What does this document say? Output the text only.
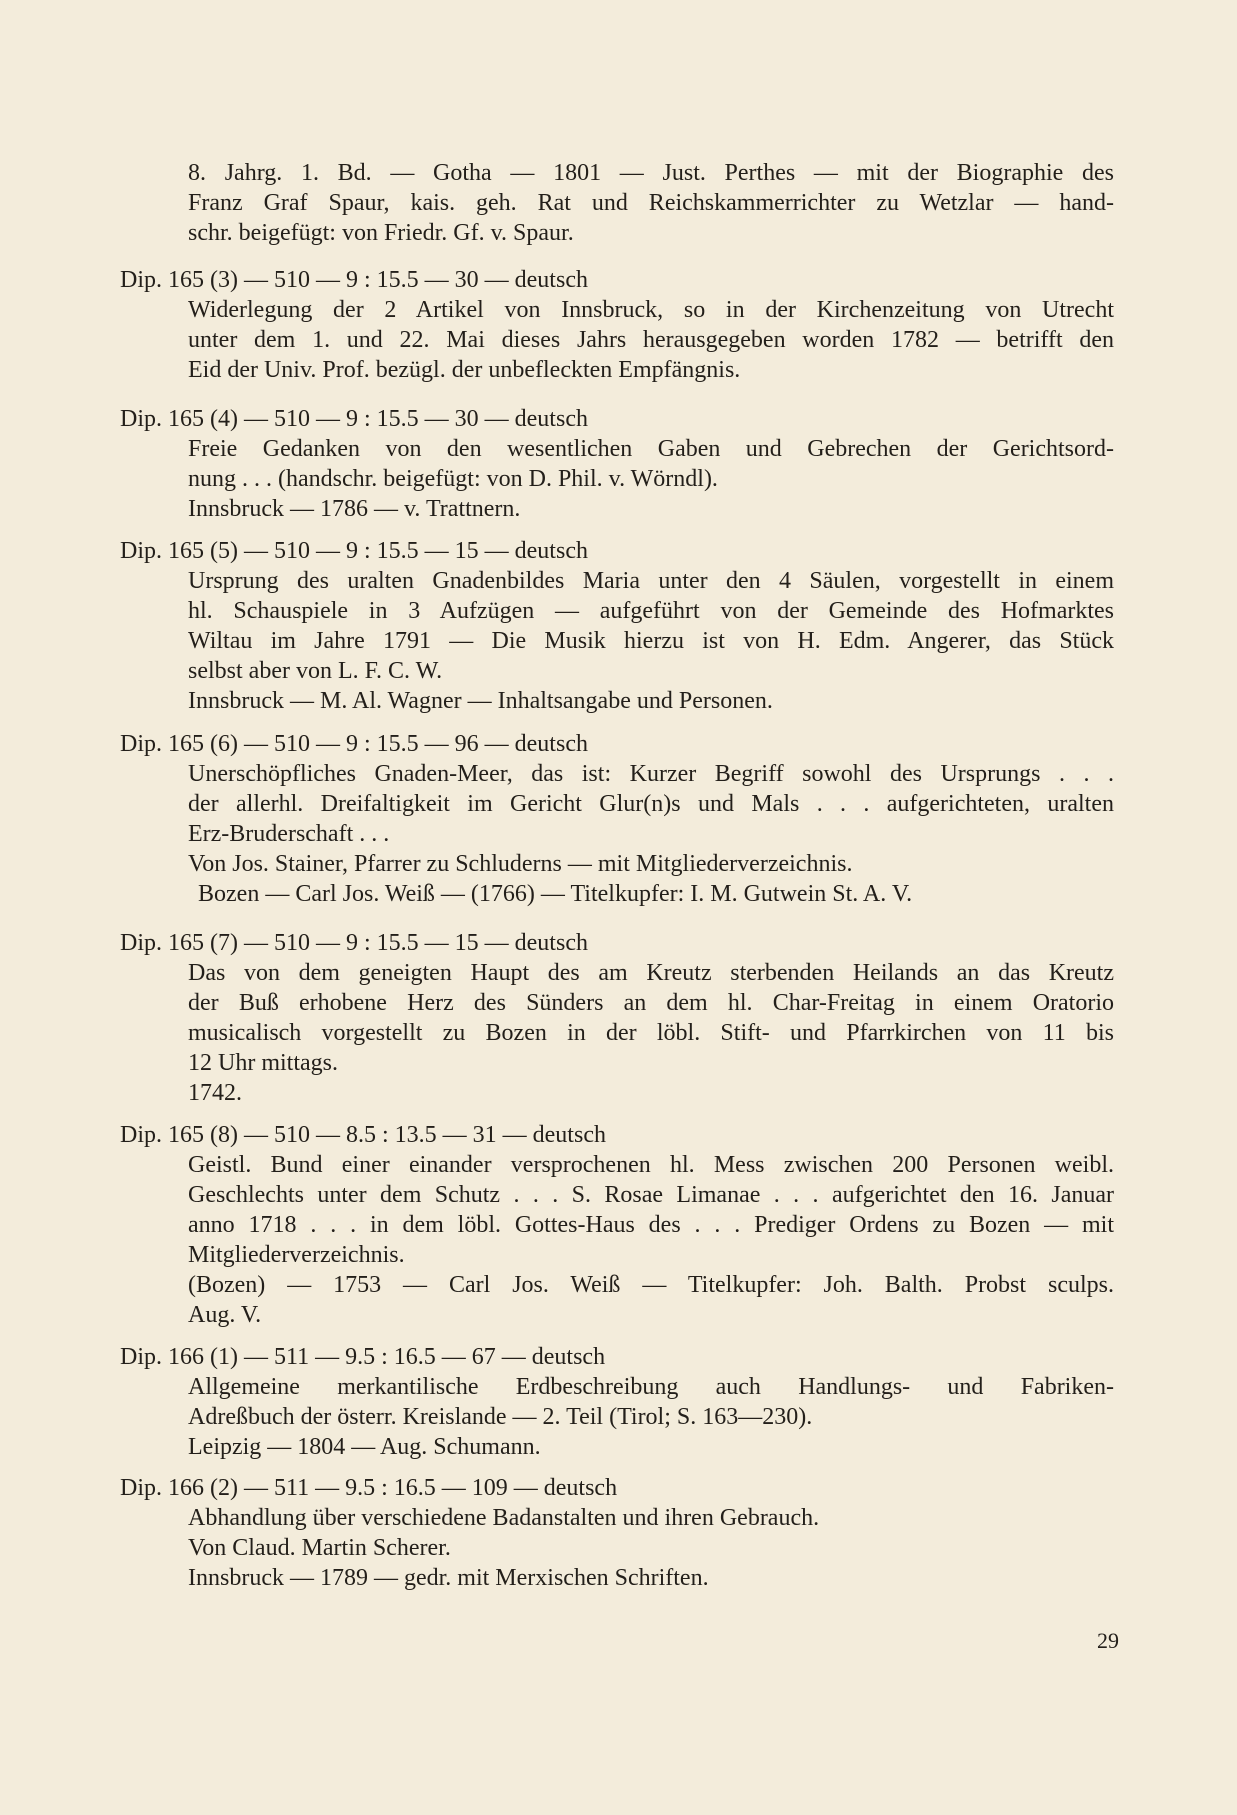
8. Jahrg. 1. Bd. — Gotha — 1801 — Just. Perthes — mit der Biographie des
Franz Graf Spaur, kais. geh. Rat und Reichskammerrichter zu Wetzlar — hand-
schr. beigefügt: von Friedr. Gf. v. Spaur.
Dip. 165 (3) — 510 — 9 : 15.5 — 30 — deutsch
Widerlegung der 2 Artikel von Innsbruck, so in der Kirchenzeitung von Utrecht
unter dem 1. und 22. Mai dieses Jahrs herausgegeben worden 1782 — betrifft den
Eid der Univ. Prof. bezügl. der unbefleckten Empfängnis.
Dip. 165 (4) — 510 — 9 : 15.5 — 30 — deutsch
Freie Gedanken von den wesentlichen Gaben und Gebrechen der Gerichtsord-
nung . . . (handschr. beigefügt: von D. Phil. v. Wörndl).
Innsbruck — 1786 — v. Trattnern.
Dip. 165 (5) — 510 — 9 : 15.5 — 15 — deutsch
Ursprung des uralten Gnadenbildes Maria unter den 4 Säulen, vorgestellt in einem
hl. Schauspiele in 3 Aufzügen — aufgeführt von der Gemeinde des Hofmarktes
Wiltau im Jahre 1791 — Die Musik hierzu ist von H. Edm. Angerer, das Stück
selbst aber von L. F. C. W.
Innsbruck — M. Al. Wagner — Inhaltsangabe und Personen.
Dip. 165 (6) — 510 — 9 : 15.5 — 96 — deutsch
Unerschöpfliches Gnaden-Meer, das ist: Kurzer Begriff sowohl des Ursprungs . . .
der allerhl. Dreifaltigkeit im Gericht Glur(n)s und Mals . . . aufgerichteten, uralten
Erz-Bruderschaft . . .
Von Jos. Stainer, Pfarrer zu Schluderns — mit Mitgliederverzeichnis.
Bozen — Carl Jos. Weiß — (1766) — Titelkupfer: I. M. Gutwein St. A. V.
Dip. 165 (7) — 510 — 9 : 15.5 — 15 — deutsch
Das von dem geneigten Haupt des am Kreutz sterbenden Heilands an das Kreutz
der Buß erhobene Herz des Sünders an dem hl. Char-Freitag in einem Oratorio
musicalisch vorgestellt zu Bozen in der löbl. Stift- und Pfarrkirchen von 11 bis
12 Uhr mittags.
1742.
Dip. 165 (8) — 510 — 8.5 : 13.5 — 31 — deutsch
Geistl. Bund einer einander versprochenen hl. Mess zwischen 200 Personen weibl.
Geschlechts unter dem Schutz . . . S. Rosae Limanae . . . aufgerichtet den 16. Januar
anno 1718 . . . in dem löbl. Gottes-Haus des . . . Prediger Ordens zu Bozen — mit
Mitgliederverzeichnis.
(Bozen) — 1753 — Carl Jos. Weiß — Titelkupfer: Joh. Balth. Probst sculps.
Aug. V.
Dip. 166 (1) — 511 — 9.5 : 16.5 — 67 — deutsch
Allgemeine merkantilische Erdbeschreibung auch Handlungs- und Fabriken-
Adreßbuch der österr. Kreislande — 2. Teil (Tirol; S. 163—230).
Leipzig — 1804 — Aug. Schumann.
Dip. 166 (2) — 511 — 9.5 : 16.5 — 109 — deutsch
Abhandlung über verschiedene Badanstalten und ihren Gebrauch.
Von Claud. Martin Scherer.
Innsbruck — 1789 — gedr. mit Merxischen Schriften.
29
